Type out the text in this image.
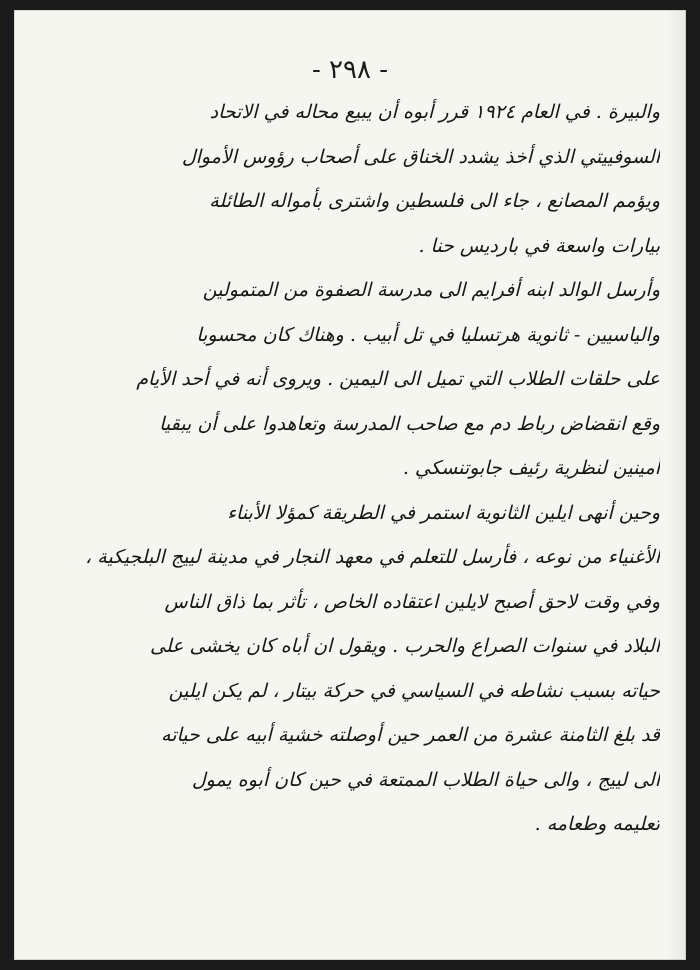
- ٢٩٨ -
والبيرة . في العام ١٩٢٤ قرر أبوه أن يبيع محاله في الاتحاد
السوفييتي الذي أخذ يشدد الخناق على أصحاب رؤوس الأموال
ويؤمم المصانع ، جاء الى فلسطين واشترى بأمواله الطائلة
بيارات واسعة في بارديس حنا .
وأرسل الوالد ابنه أفرايم الى مدرسة الصفوة من المتمولين
والياسيين - ثانوية هرتسليا في تل أبيب . وهناك كان محسوبا
على حلقات الطلاب التي تميل الى اليمين . ويروى أنه في أحد الأيام
وقع انقضاض رباط دم مع صاحب المدرسة وتعاهدوا على أن يبقيا
أمينين لنظرية رئيف جابوتنسكي .
وحين أنهى ايلين الثانوية استمر في الطريقة كمؤلا الأبناء
الأغنياء من نوعه ، فأرسل للتعلم في معهد النجار في مدينة لييج البلجيكية ،
وفي وقت لاحق أصبح لايلين اعتقاده الخاص ، تأثر بما ذاق الناس
البلاد في سنوات الصراع والحرب . ويقول ان أباه كان يخشى على
حياته بسبب نشاطه في السياسي في حركة بيتار ، لم يكن ايلين
قد بلغ الثامنة عشرة من العمر حين أوصلته خشية أبيه على حياته
الى لييج ، والى حياة الطلاب الممتعة في حين كان أبوه يمول
تعليمه وطعامه .
